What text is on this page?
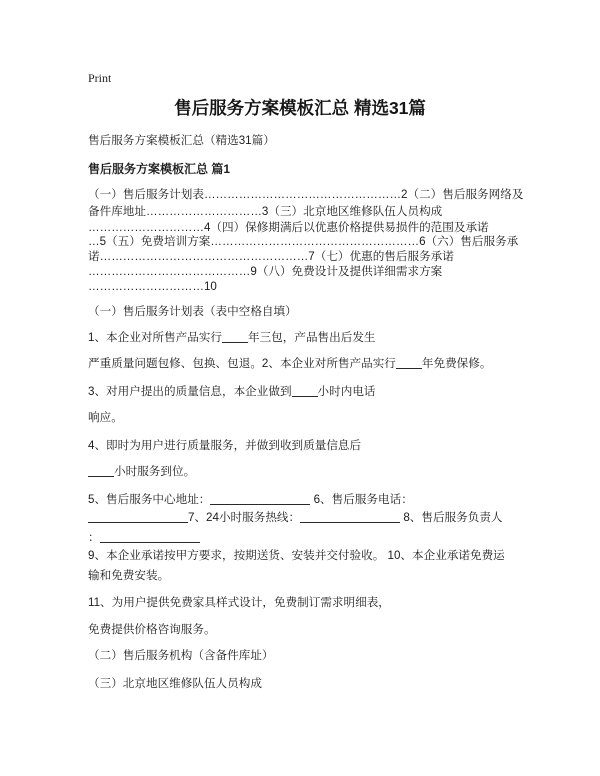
Print
售后服务方案模板汇总 精选31篇
售后服务方案模板汇总（精选31篇）
售后服务方案模板汇总 篇1
（一）售后服务计划表……………………………………………2（二）售后服务网络及
备件库地址…………………………3（三）北京地区维修队伍人员构成
…………………………4（四）保修期满后以优惠价格提供易损件的范围及承诺
…5（五）免费培训方案………………………………………………6（六）售后服务承
诺………………………………………………7（七）优惠的售后服务承诺
……………………………………9（八）免费设计及提供详细需求方案
…………………………10
（一）售后服务计划表（表中空格自填）
1、本企业对所售产品实行 年三包，产品售出后发生
严重质量问题包修、包换、包退。2、本企业对所售产品实行 年免费保修。
3、对用户提出的质量信息，本企业做到 小时内电话
响应。
4、即时为用户进行质量服务，并做到收到质量信息后
小时服务到位。
5、售后服务中心地址：	6、售后服务电话：
7、24小时服务热线：	8、售后服务负责人
：
9、本企业承诺按甲方要求，按期送货、安装并交付验收。 10、本企业承诺免费运
输和免费安装。
11、为用户提供免费家具样式设计，免费制订需求明细表，
免费提供价格咨询服务。
（二）售后服务机构（含备件库址）
（三）北京地区维修队伍人员构成
